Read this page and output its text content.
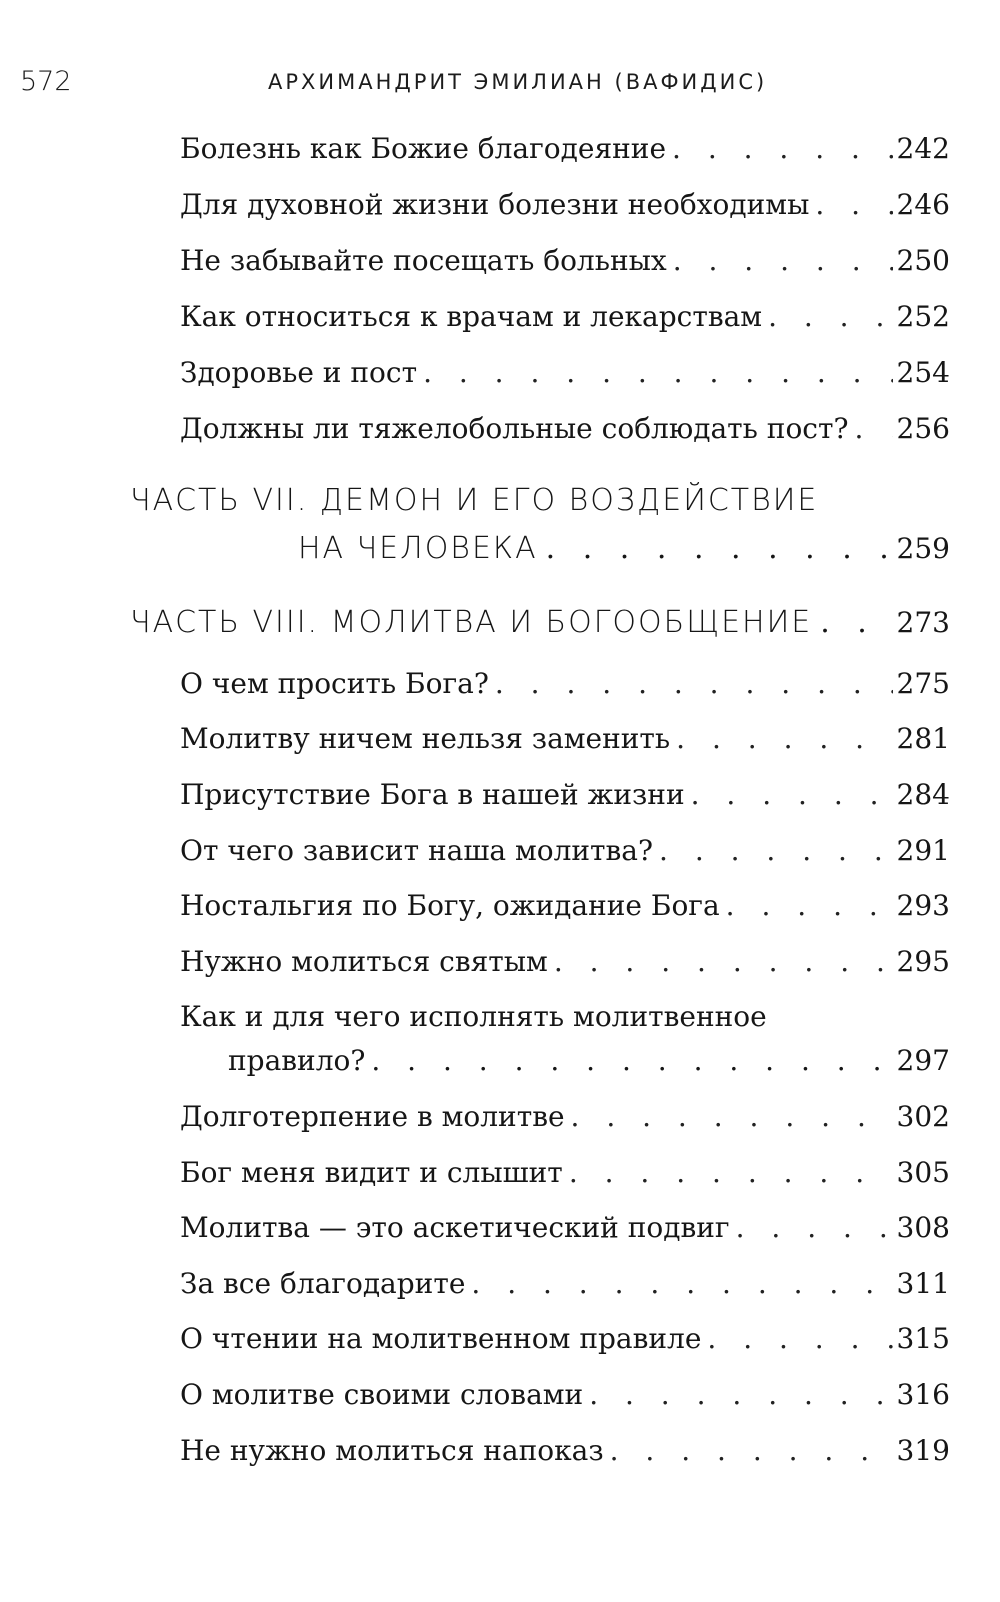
572	АРХИМАНДРИТ ЭМИЛИАН (ВАФИДИС)
Болезнь как Божие благодеяние . . .	242
Для духовной жизни болезни необходимы . . .	246
Не забывайте посещать больных . . .	250
Как относиться к врачам и лекарствам . . .	252
Здоровье и пост . . .	254
Должны ли тяжелобольные соблюдать пост? . . . 256
ЧАСТЬ VII. ДЕМОН И ЕГО ВОЗДЕЙСТВИЕ
НА ЧЕЛОВЕКА . . .	259
ЧАСТЬ VIII. МОЛИТВА И БОГООБЩЕНИЕ . . .	273
О чем просить Бога? . . .	275
Молитву ничем нельзя заменить . . .	281
Присутствие Бога в нашей жизни . . .	284
От чего зависит наша молитва? . . .	291
Ностальгия по Богу, ожидание Бога . . .	293
Нужно молиться святым . . .	295
Как и для чего исполнять молитвенное
правило? . . .	297
Долготерпение в молитве . . .	302
Бог меня видит и слышит . . .	305
Молитва — это аскетический подвиг . . .	308
За все благодарите . . .	311
О чтении на молитвенном правиле . . .	315
О молитве своими словами . . .	316
Не нужно молиться напоказ . . .	319
